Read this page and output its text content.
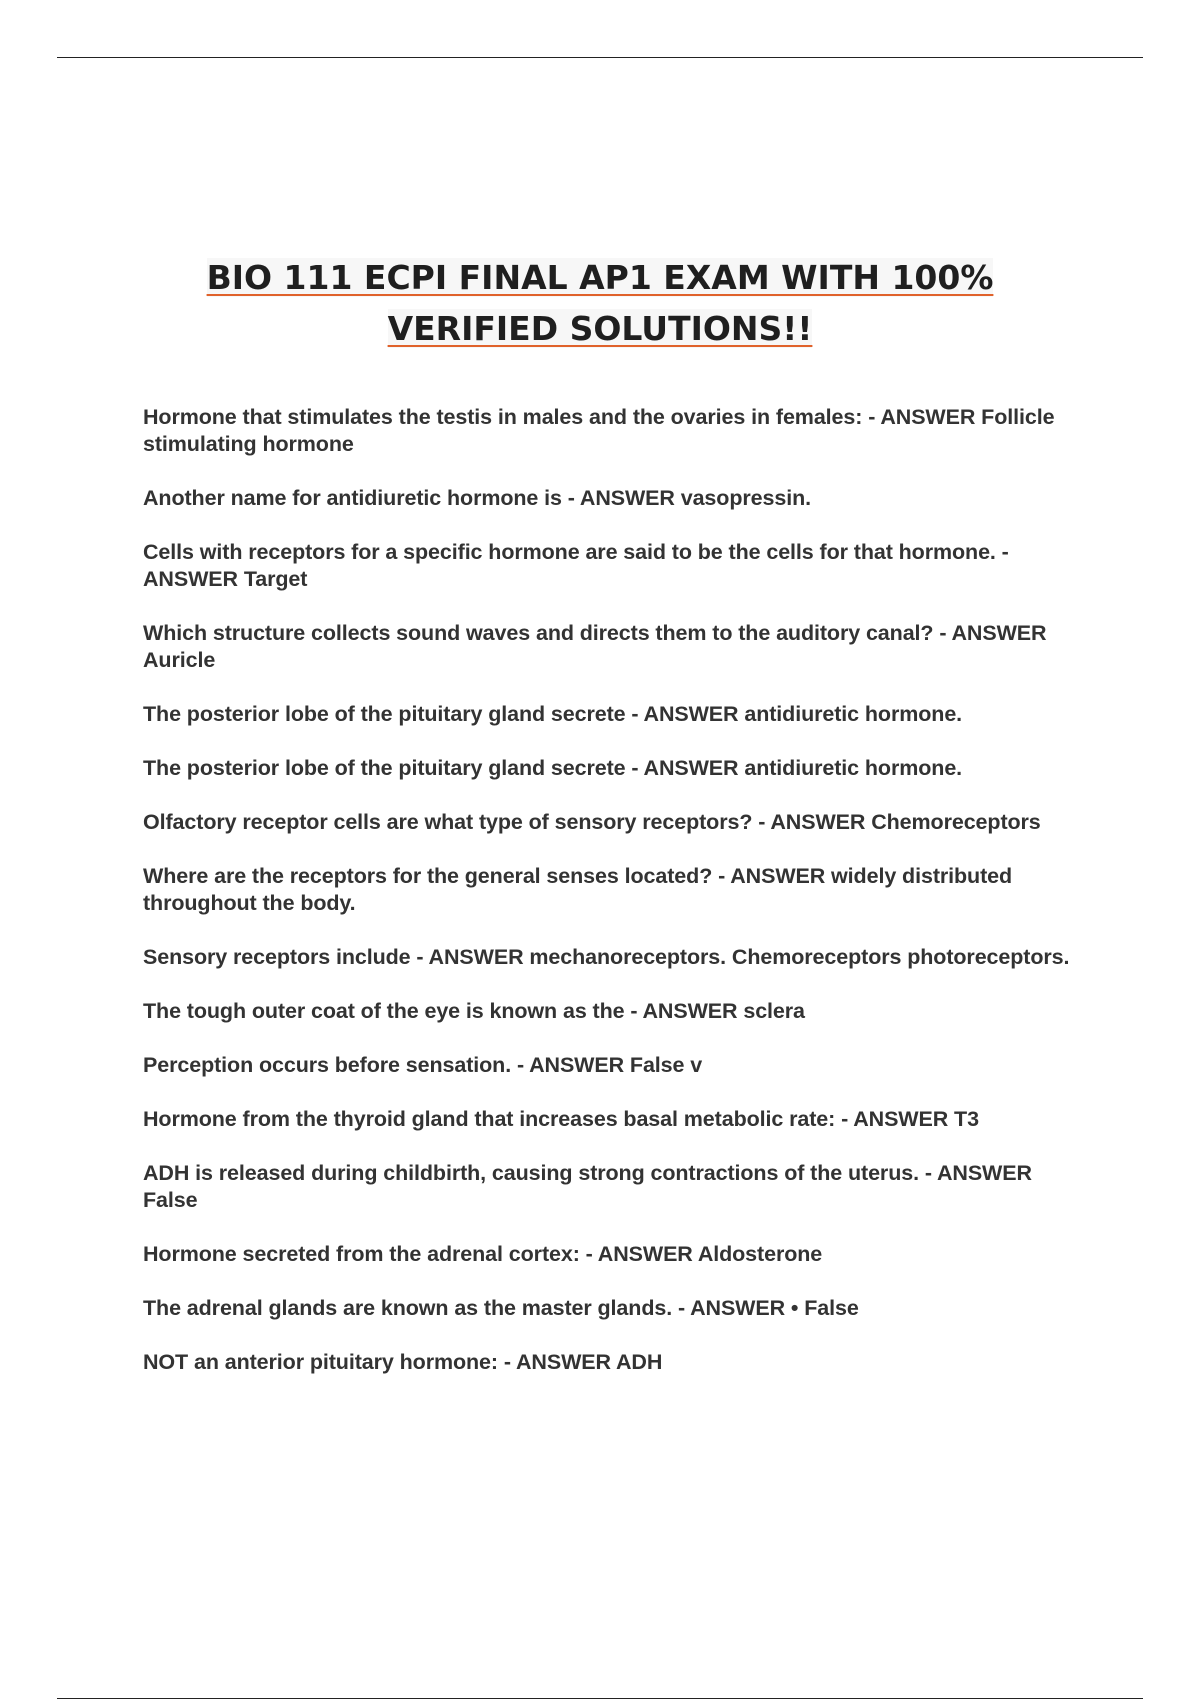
BIO 111 ECPI FINAL AP1 EXAM WITH 100%
VERIFIED SOLUTIONS!!
Hormone that stimulates the testis in males and the ovaries in females: - ANSWER Follicle stimulating hormone
Another name for antidiuretic hormone is - ANSWER vasopressin.
Cells with receptors for a specific hormone are said to be the cells for that hormone. - ANSWER Target
Which structure collects sound waves and directs them to the auditory canal? - ANSWER Auricle
The posterior lobe of the pituitary gland secrete - ANSWER antidiuretic hormone.
The posterior lobe of the pituitary gland secrete - ANSWER antidiuretic hormone.
Olfactory receptor cells are what type of sensory receptors? - ANSWER Chemoreceptors
Where are the receptors for the general senses located? - ANSWER widely distributed throughout the body.
Sensory receptors include - ANSWER mechanoreceptors. Chemoreceptors photoreceptors.
The tough outer coat of the eye is known as the - ANSWER sclera
Perception occurs before sensation. - ANSWER False v
Hormone from the thyroid gland that increases basal metabolic rate: - ANSWER T3
ADH is released during childbirth, causing strong contractions of the uterus. - ANSWER False
Hormone secreted from the adrenal cortex: - ANSWER Aldosterone
The adrenal glands are known as the master glands. - ANSWER • False
NOT an anterior pituitary hormone: - ANSWER ADH
